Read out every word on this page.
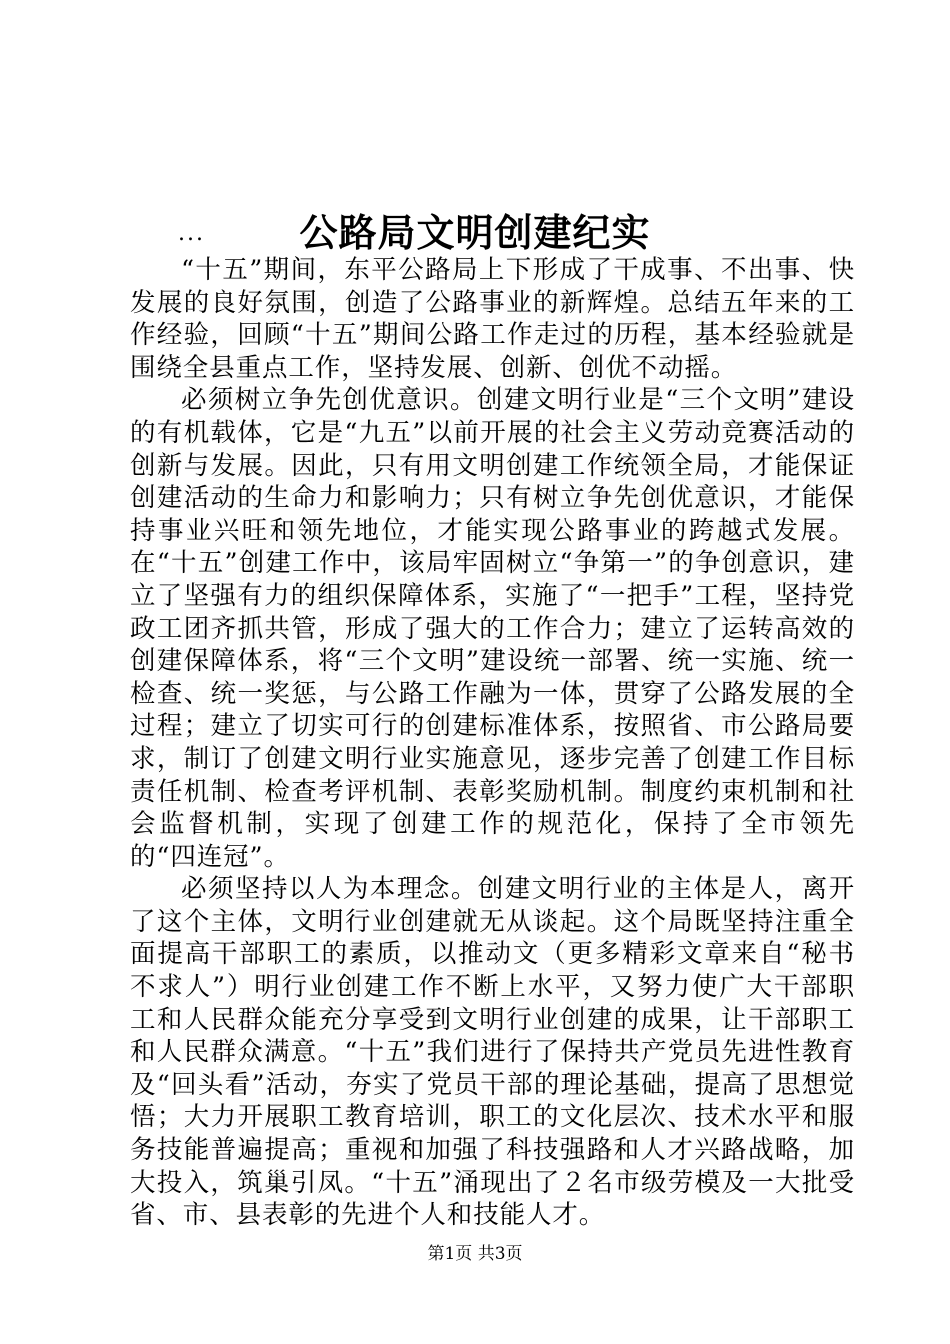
公路局文明创建纪实
...

“十五”期间，东平公路局上下形成了干成事、不出事、快发展的良好氛围，创造了公路事业的新辉煌。总结五年来的工作经验，回顾“十五”期间公路工作走过的历程，基本经验就是围绕全县重点工作，坚持发展、创新、创优不动摇。

必须树立争先创优意识。创建文明行业是“三个文明”建设的有机载体，它是“九五”以前开展的社会主义劳动竞赛活动的创新与发展。因此，只有用文明创建工作统领全局，才能保证创建活动的生命力和影响力；只有树立争先创优意识，才能保持事业兴旺和领先地位，才能实现公路事业的跨越式发展。在“十五”创建工作中，该局牢固树立“争第一”的争创意识，建立了坚强有力的组织保障体系，实施了“一把手”工程，坚持党政工团齐抓共管，形成了强大的工作合力；建立了运转高效的创建保障体系，将“三个文明”建设统一部署、统一实施、统一检查、统一奖惩，与公路工作融为一体，贯穿了公路发展的全过程；建立了切实可行的创建标准体系，按照省、市公路局要求，制订了创建文明行业实施意见，逐步完善了创建工作目标责任机制、检查考评机制、表彰奖励机制。制度约束机制和社会监督机制，实现了创建工作的规范化，保持了全市领先的“四连冠”。

必须坚持以人为本理念。创建文明行业的主体是人，离开了这个主体，文明行业创建就无从谈起。这个局既坚持注重全面提高干部职工的素质，以推动文（更多精彩文章来自“秘书不求人”）明行业创建工作不断上水平，又努力使广大干部职工和人民群众能充分享受到文明行业创建的成果，让干部职工和人民群众满意。“十五”我们进行了保持共产党员先进性教育及“回头看”活动，夯实了党员干部的理论基础，提高了思想觉悟；大力开展职工教育培训，职工的文化层次、技术水平和服务技能普遍提高；重视和加强了科技强路和人才兴路战略，加大投入，筑巢引凤。“十五”涌现出了２名市级劳模及一大批受省、市、县表彰的先进个人和技能人才。

第1页 共3页
